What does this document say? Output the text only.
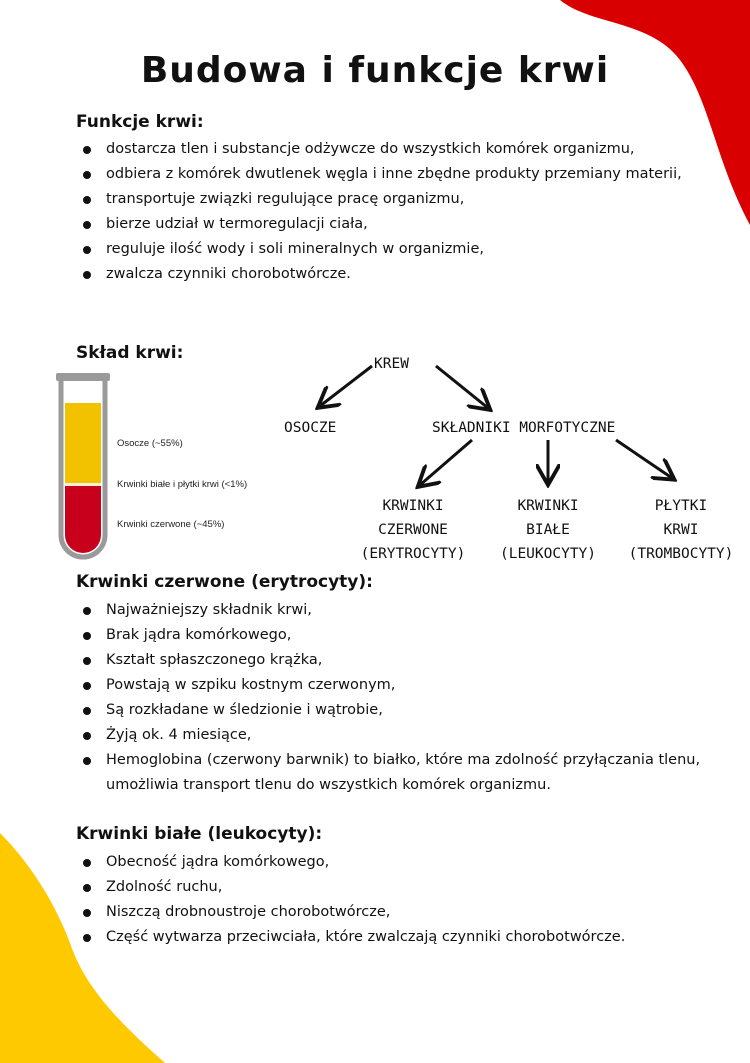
Budowa i funkcje krwi
Funkcje krwi:
dostarcza tlen i substancje odżywcze do wszystkich komórek organizmu,
odbiera z komórek dwutlenek węgla i inne zbędne produkty przemiany materii,
transportuje związki regulujące pracę organizmu,
bierze udział w termoregulacji ciała,
reguluje ilość wody i soli mineralnych w organizmie,
zwalcza czynniki chorobotwórcze.
Skład krwi:
Osocze (~55%)
Krwinki białe i płytki krwi (<1%)
Krwinki czerwone (~45%)
KREW
OSOCZE	SKŁADNIKI MORFOTYCZNE
KRWINKI
CZERWONE
(ERYTROCYTY)
KRWINKI
BIAŁE
(LEUKOCYTY)
PŁYTKI
KRWI
(TROMBOCYTY)
Krwinki czerwone (erytrocyty):
Najważniejszy składnik krwi,
Brak jądra komórkowego,
Kształt spłaszczonego krążka,
Powstają w szpiku kostnym czerwonym,
Są rozkładane w śledzionie i wątrobie,
Żyją ok. 4 miesiące,
Hemoglobina (czerwony barwnik) to białko, które ma zdolność przyłączania tlenu, umożliwia transport tlenu do wszystkich komórek organizmu.
Krwinki białe (leukocyty):
Obecność jądra komórkowego,
Zdolność ruchu,
Niszczą drobnoustroje chorobotwórcze,
Część wytwarza przeciwciała, które zwalczają czynniki chorobotwórcze.
